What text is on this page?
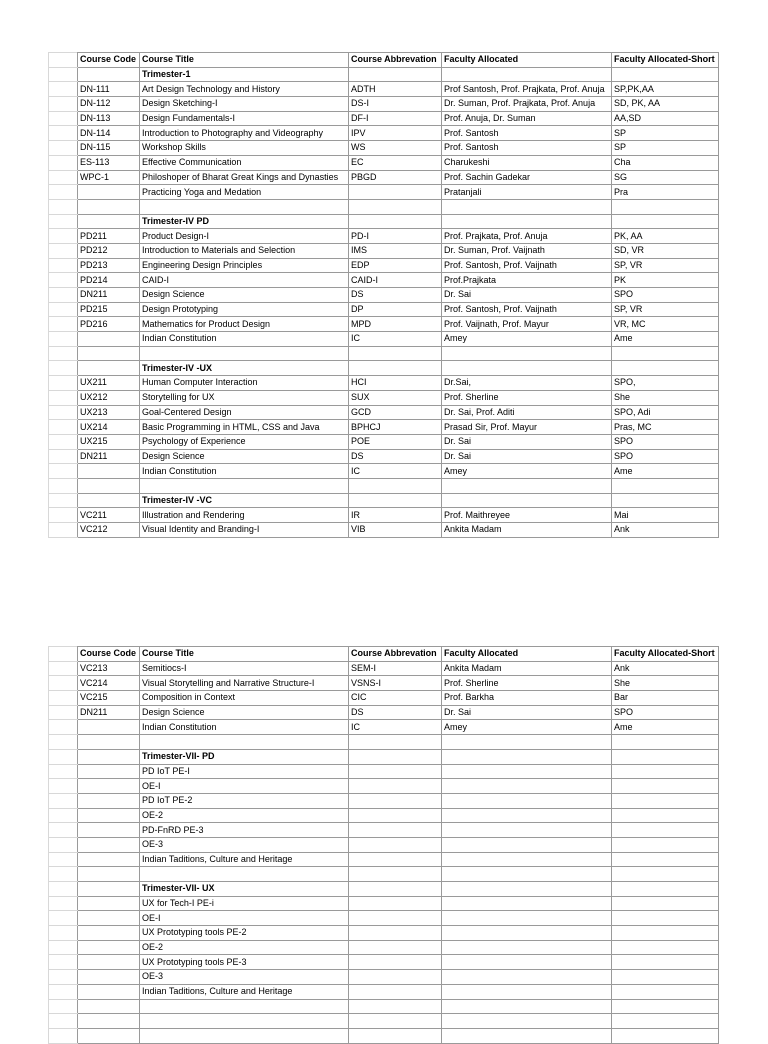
	Course Code	Course Title	Course Abbrevation	Faculty Allocated	Faculty Allocated-Short
		Trimester-1			
	DN-111	Art Design Technology and History	ADTH	Prof Santosh, Prof. Prajkata, Prof. Anuja	SP,PK,AA
	DN-112	Design Sketching-I	DS-I	Dr. Suman, Prof. Prajkata, Prof. Anuja	SD, PK, AA
	DN-113	Design Fundamentals-I	DF-I	Prof. Anuja, Dr. Suman	AA,SD
	DN-114	Introduction to Photography and Videography	IPV	Prof. Santosh	SP
	DN-115	Workshop Skills	WS	Prof. Santosh	SP
	ES-113	Effective Communication	EC	Charukeshi	Cha
	WPC-1	Philoshoper of Bharat Great Kings and Dynasties	PBGD	Prof. Sachin Gadekar	SG
		Practicing Yoga and Medation		Pratanjali	Pra

		Trimester-IV PD			
	PD211	Product Design-I	PD-I	Prof. Prajkata, Prof. Anuja	PK, AA
	PD212	Introduction to Materials and Selection	IMS	Dr. Suman, Prof. Vaijnath	SD, VR
	PD213	Engineering Design Principles	EDP	Prof. Santosh, Prof. Vaijnath	SP, VR
	PD214	CAID-I	CAID-I	Prof.Prajkata	PK
	DN211	Design Science	DS	Dr. Sai	SPO
	PD215	Design Prototyping	DP	Prof. Santosh, Prof. Vaijnath	SP, VR
	PD216	Mathematics for Product Design	MPD	Prof. Vaijnath, Prof. Mayur	VR, MC
		Indian Constitution	IC	Amey	Ame

		Trimester-IV -UX			
	UX211	Human Computer Interaction	HCI	Dr.Sai,	SPO,
	UX212	Storytelling for UX	SUX	Prof. Sherline	She
	UX213	Goal-Centered Design	GCD	Dr. Sai, Prof. Aditi	SPO, Adi
	UX214	Basic Programming in HTML, CSS and Java	BPHCJ	Prasad Sir, Prof. Mayur	Pras, MC
	UX215	Psychology of Experience	POE	Dr. Sai	SPO
	DN211	Design Science	DS	Dr. Sai	SPO
		Indian Constitution	IC	Amey	Ame

		Trimester-IV -VC			
	VC211	Illustration and Rendering	IR	Prof. Maithreyee	Mai
	VC212	Visual Identity and Branding-I	VIB	Ankita Madam	Ank
	Course Code	Course Title	Course Abbrevation	Faculty Allocated	Faculty Allocated-Short
	VC213	Semitiocs-I	SEM-I	Ankita Madam	Ank
	VC214	Visual Storytelling and Narrative Structure-I	VSNS-I	Prof. Sherline	She
	VC215	Composition in Context	CIC	Prof. Barkha	Bar
	DN211	Design Science	DS	Dr. Sai	SPO
		Indian Constitution	IC	Amey	Ame

		Trimester-VII- PD			
		PD IoT PE-I			
		OE-I			
		PD IoT PE-2			
		OE-2			
		PD-FnRD PE-3			
		OE-3			
		Indian Taditions, Culture and Heritage			

		Trimester-VII- UX			
		UX for Tech-I PE-i			
		OE-I			
		UX Prototyping tools PE-2			
		OE-2			
		UX Prototyping tools PE-3			
		OE-3			
		Indian Taditions, Culture and Heritage			
